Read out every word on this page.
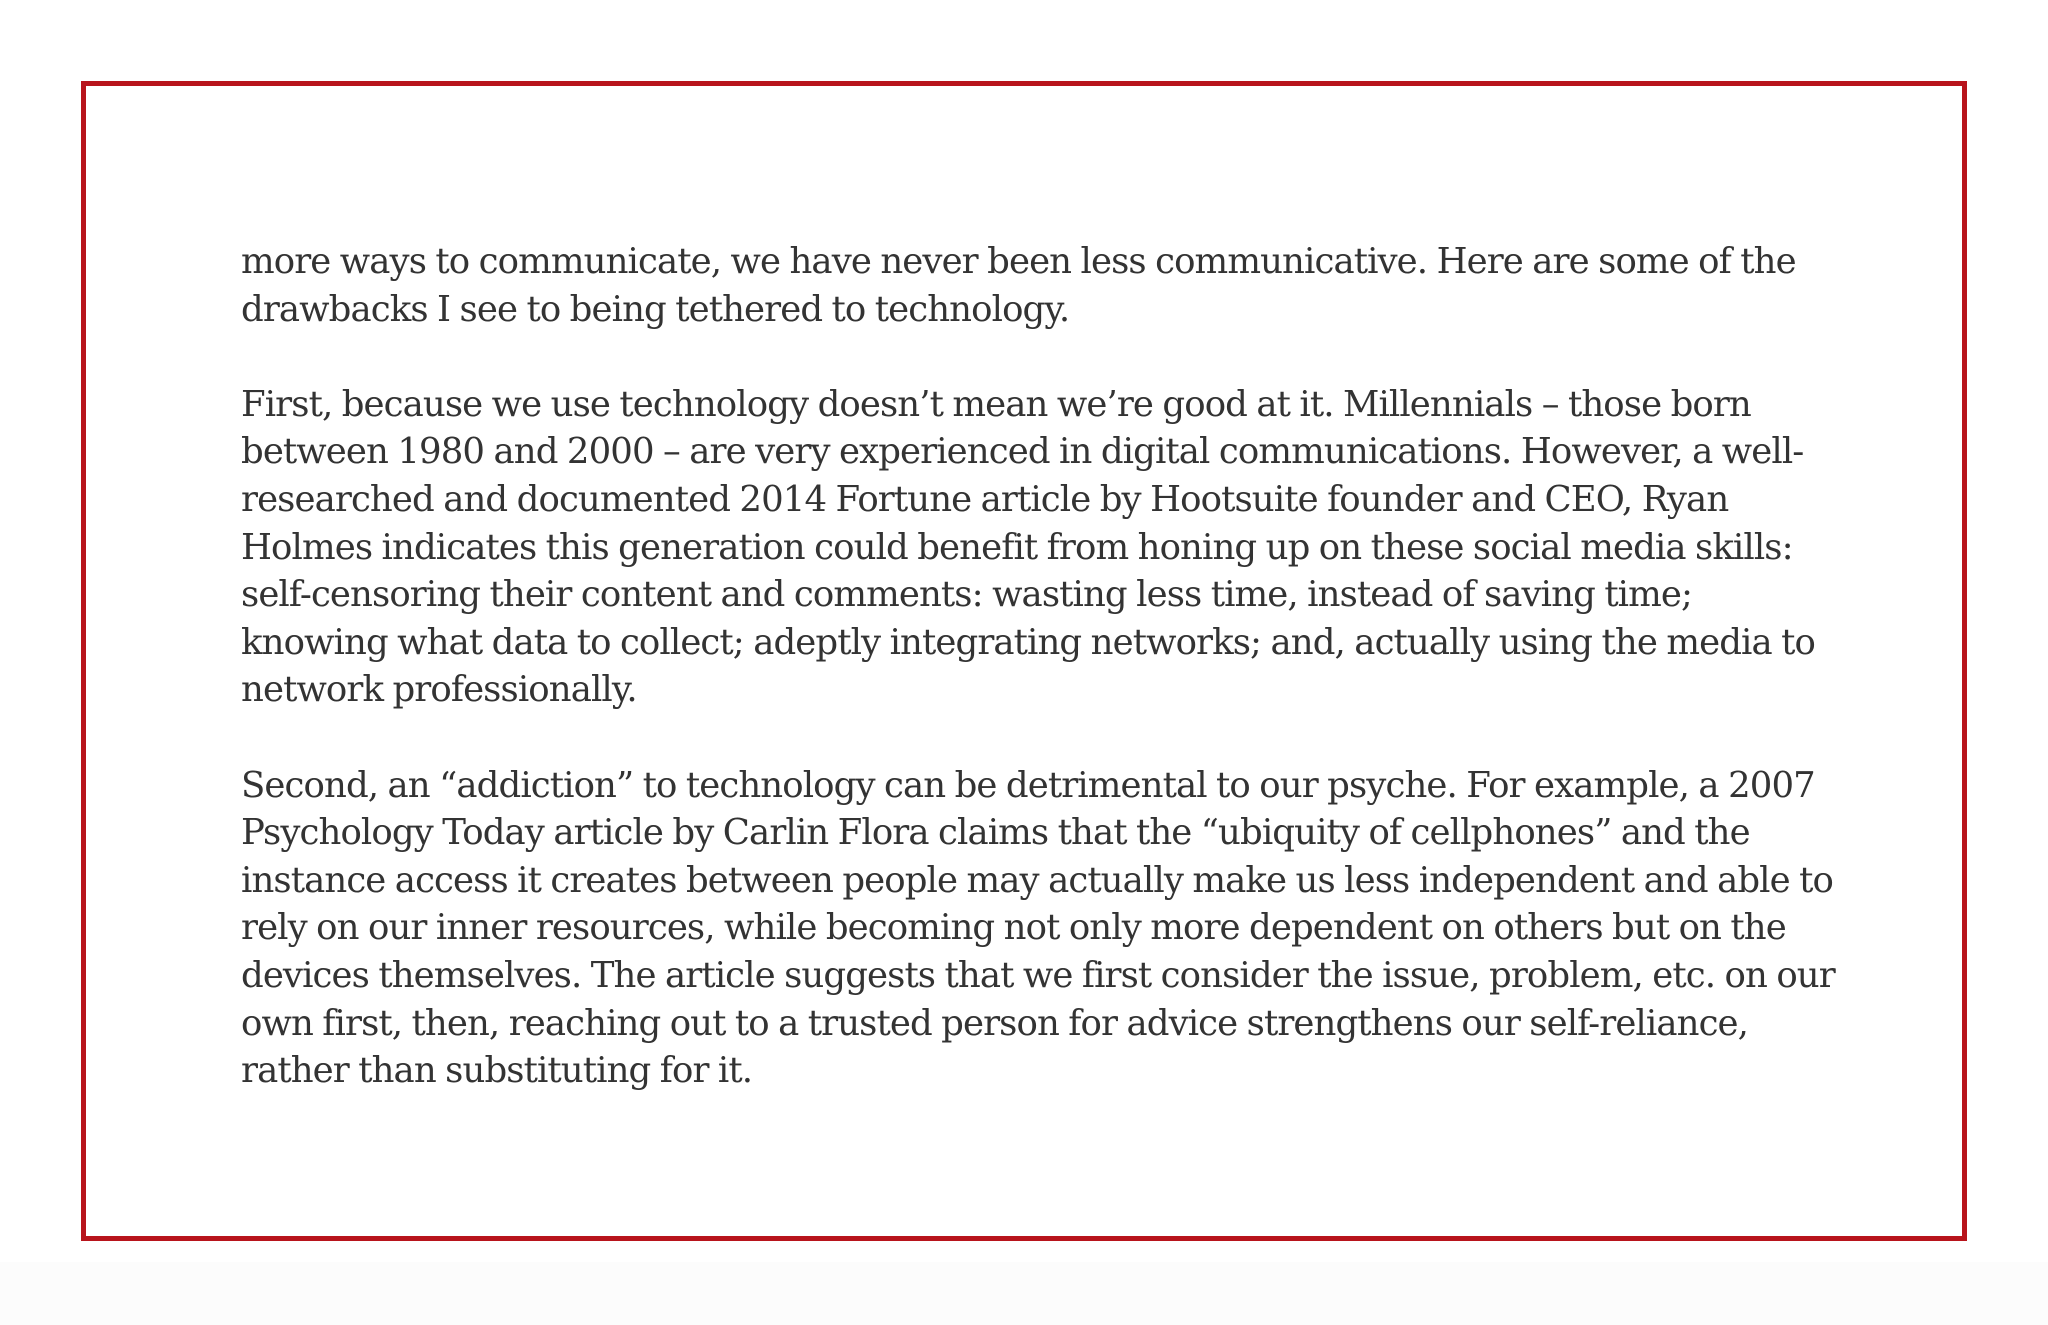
more ways to communicate, we have never been less communicative. Here are some of the
drawbacks I see to being tethered to technology.

First, because we use technology doesn’t mean we’re good at it. Millennials – those born
between 1980 and 2000 – are very experienced in digital communications. However, a well-
researched and documented 2014 Fortune article by Hootsuite founder and CEO, Ryan
Holmes indicates this generation could benefit from honing up on these social media skills:
self-censoring their content and comments: wasting less time, instead of saving time;
knowing what data to collect; adeptly integrating networks; and, actually using the media to
network professionally.

Second, an “addiction” to technology can be detrimental to our psyche. For example, a 2007
Psychology Today article by Carlin Flora claims that the “ubiquity of cellphones” and the
instance access it creates between people may actually make us less independent and able to
rely on our inner resources, while becoming not only more dependent on others but on the
devices themselves. The article suggests that we first consider the issue, problem, etc. on our
own first, then, reaching out to a trusted person for advice strengthens our self-reliance,
rather than substituting for it.
